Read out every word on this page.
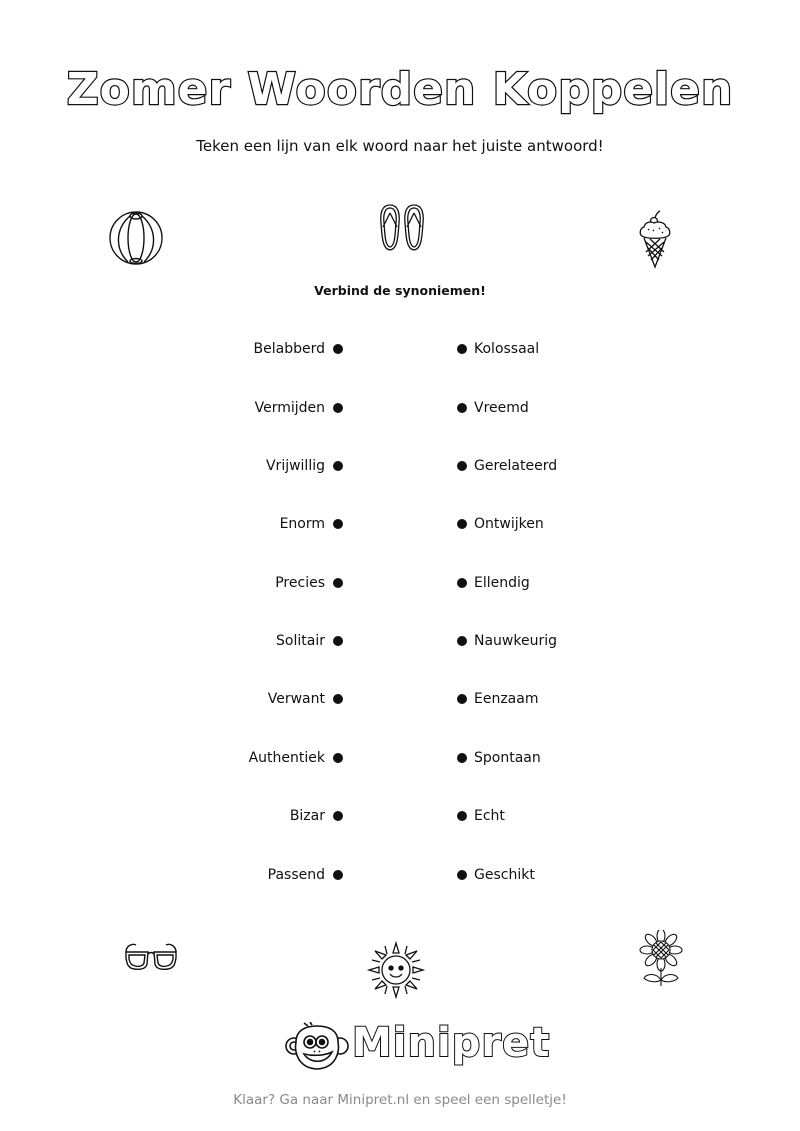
Zomer Woorden Koppelen
Teken een lijn van elk woord naar het juiste antwoord!
Verbind de synoniemen!
Belabberd	Kolossaal
Vermijden	Vreemd
Vrijwillig	Gerelateerd
Enorm	Ontwijken
Precies	Ellendig
Solitair	Nauwkeurig
Verwant	Eenzaam
Authentiek	Spontaan
Bizar	Echt
Passend	Geschikt
Minipret
Klaar? Ga naar Minipret.nl en speel een spelletje!
